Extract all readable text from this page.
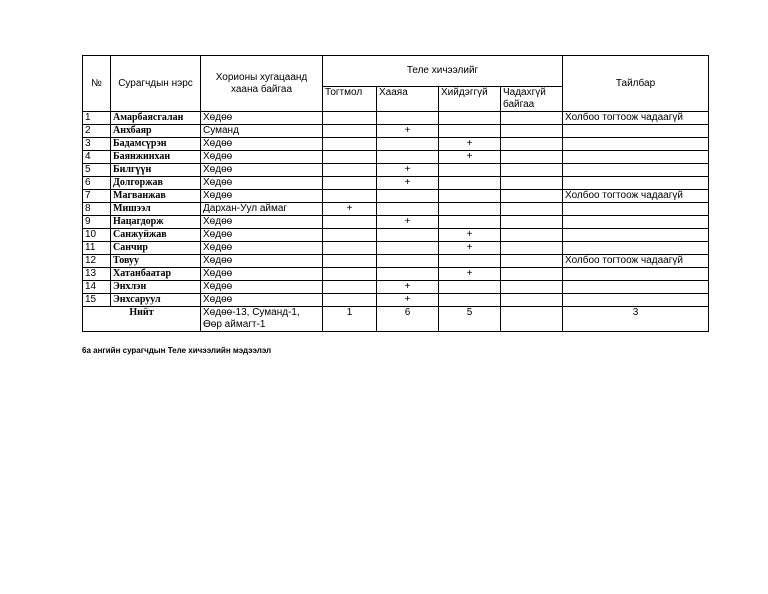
№	Сурагчдын нэрс	Хорионы хугацаанд хаана байгаа	Теле хичээлийг				Тайлбар
			Тогтмол	Хааяа	Хийдэггүй	Чадахгүй байгаа	
1	Амарбаясгалан	Хөдөө					Холбоо тогтоож чадаагүй
2	Анхбаяр	Суманд		+			
3	Бадамсүрэн	Хөдөө			+		
4	Баянжинхан	Хөдөө			+		
5	Билгүүн	Хөдөө		+			
6	Долгоржав	Хөдөө		+			
7	Магванжав	Хөдөө					Холбоо тогтоож чадаагүй
8	Мишээл	Дархан-Уул аймаг	+				
9	Нацагдорж	Хөдөө		+			
10	Санжуйжав	Хөдөө			+		
11	Санчир	Хөдөө			+		
12	Товуу	Хөдөө					Холбоо тогтоож чадаагүй
13	Хатанбаатар	Хөдөө			+		
14	Энхлэн	Хөдөө		+			
15	Энхсаруул	Хөдөө		+			
Нийт		Хөдөө-13, Суманд-1, Өөр аймагт-1	1	6	5		3
6а ангийн сурагчдын Теле хичээлийн мэдээлэл
